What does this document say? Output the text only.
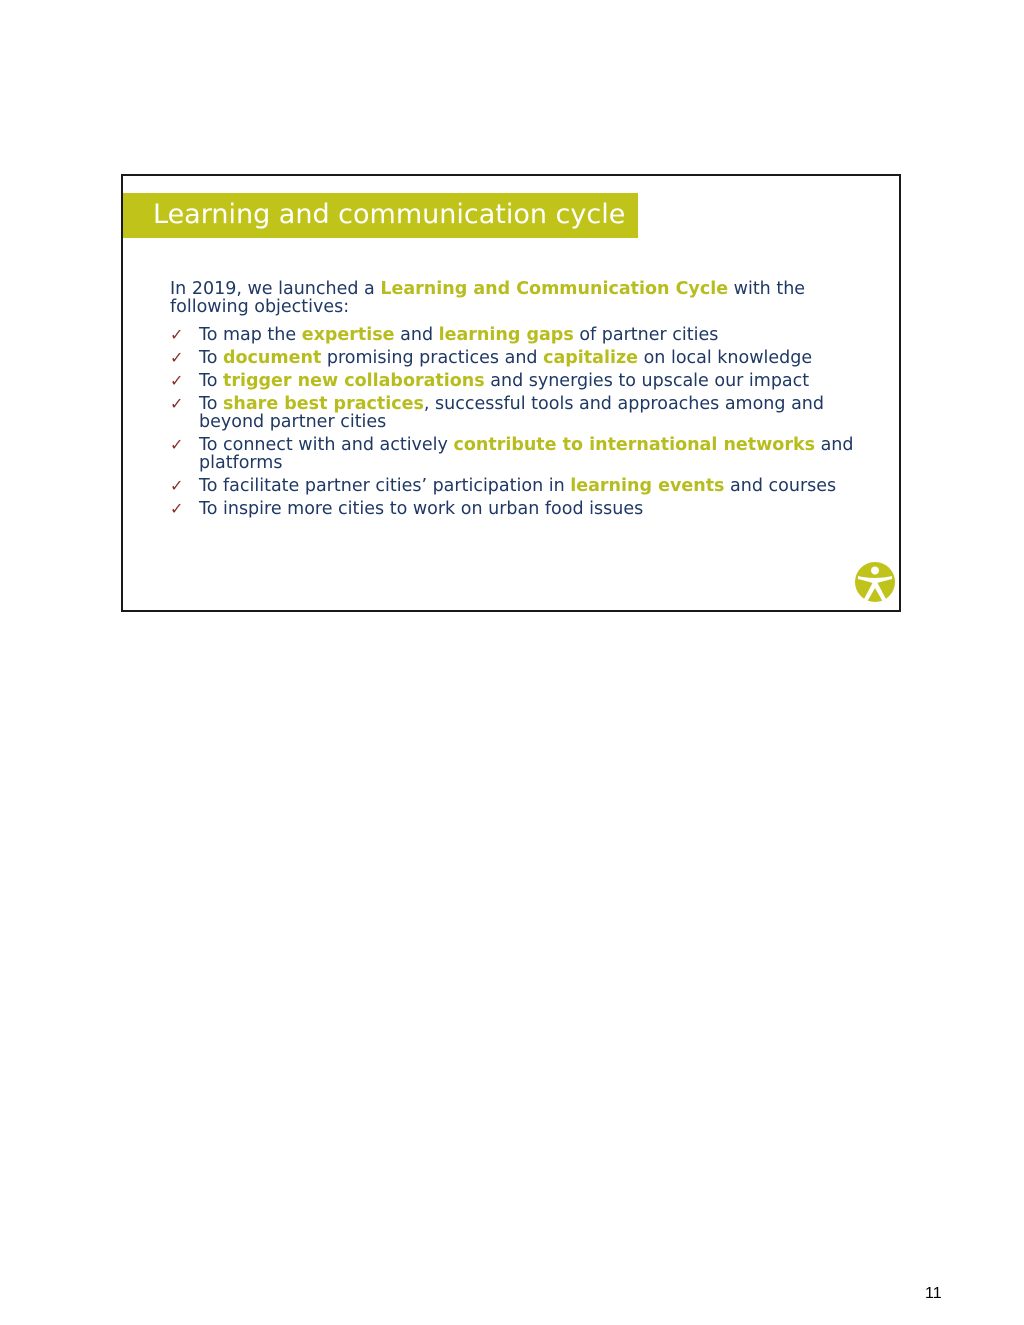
Learning and communication cycle

In 2019, we launched a Learning and Communication Cycle with the following objectives:

✓ To map the expertise and learning gaps of partner cities
✓ To document promising practices and capitalize on local knowledge
✓ To trigger new collaborations and synergies to upscale our impact
✓ To share best practices, successful tools and approaches among and beyond partner cities
✓ To connect with and actively contribute to international networks and platforms
✓ To facilitate partner cities’ participation in learning events and courses
✓ To inspire more cities to work on urban food issues
11
